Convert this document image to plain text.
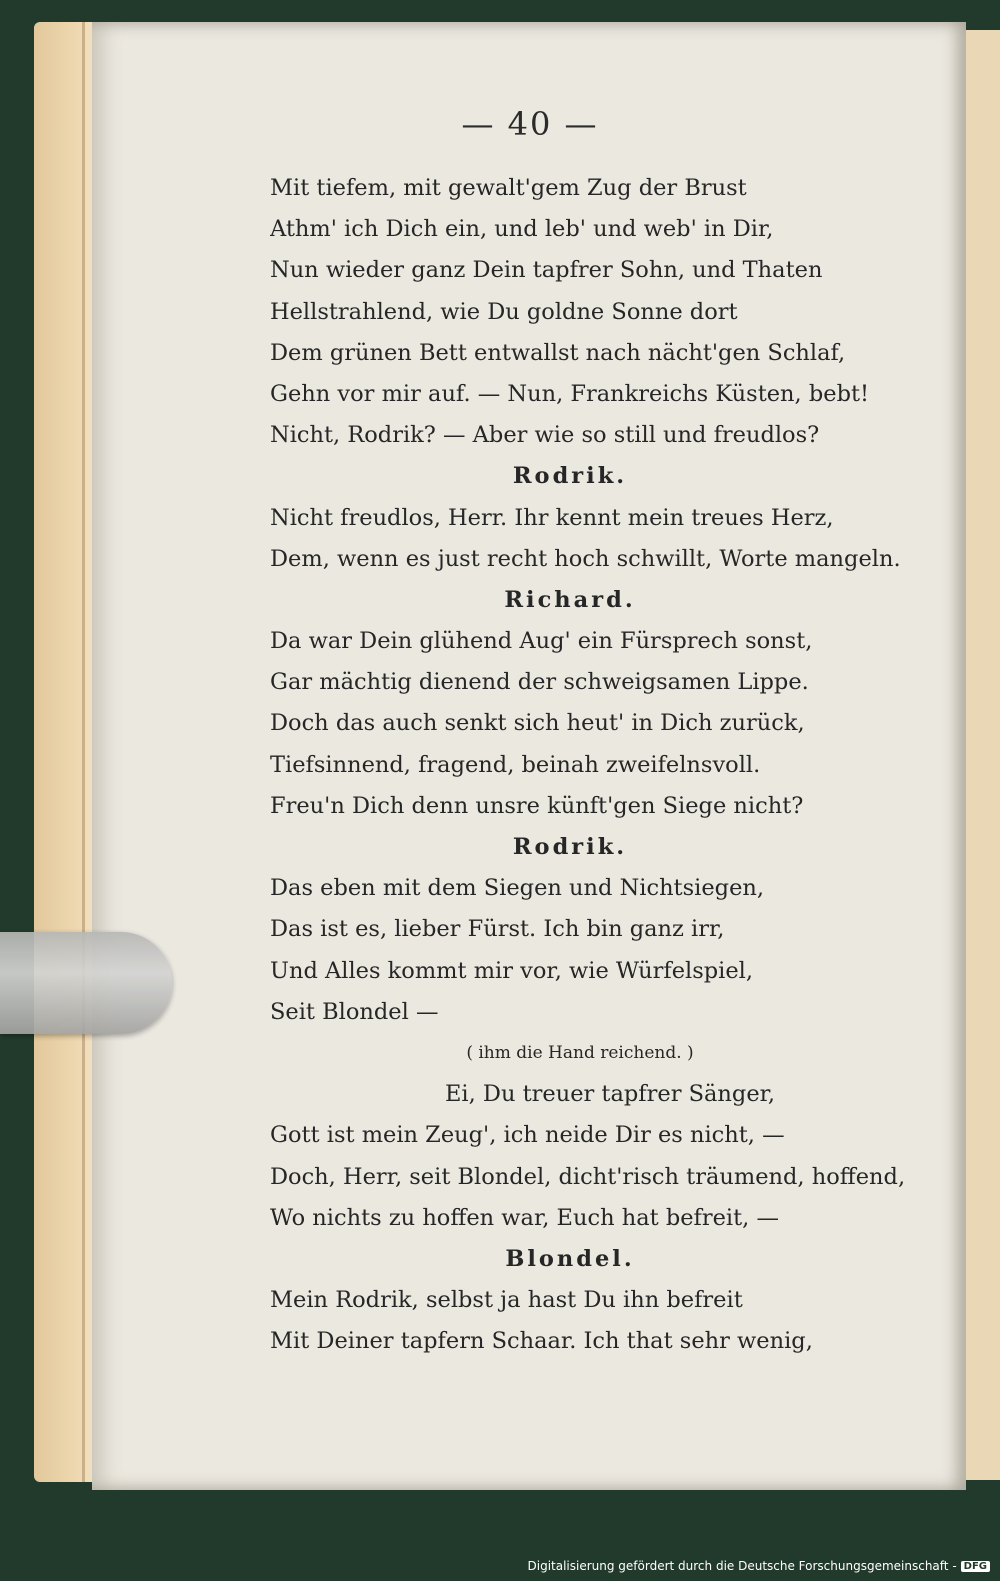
— 40 —
Mit tiefem, mit gewalt'gem Zug der Brust
Athm' ich Dich ein, und leb' und web' in Dir,
Nun wieder ganz Dein tapfrer Sohn, und Thaten
Hellstrahlend, wie Du goldne Sonne dort
Dem grünen Bett entwallst nach nächt'gen Schlaf,
Gehn vor mir auf. — Nun, Frankreichs Küsten, bebt!
Nicht, Rodrik? — Aber wie so still und freudlos?
Rodrik.
Nicht freudlos, Herr. Ihr kennt mein treues Herz,
Dem, wenn es just recht hoch schwillt, Worte mangeln.
Richard.
Da war Dein glühend Aug' ein Fürsprech sonst,
Gar mächtig dienend der schweigsamen Lippe.
Doch das auch senkt sich heut' in Dich zurück,
Tiefsinnend, fragend, beinah zweifelnsvoll.
Freu'n Dich denn unsre künft'gen Siege nicht?
Rodrik.
Das eben mit dem Siegen und Nichtsiegen,
Das ist es, lieber Fürst. Ich bin ganz irr,
Und Alles kommt mir vor, wie Würfelspiel,
Seit Blondel —
( ihm die Hand reichend. )
Ei, Du treuer tapfrer Sänger,
Gott ist mein Zeug', ich neide Dir es nicht, —
Doch, Herr, seit Blondel, dicht'risch träumend, hoffend,
Wo nichts zu hoffen war, Euch hat befreit, —
Blondel.
Mein Rodrik, selbst ja hast Du ihn befreit
Mit Deiner tapfern Schaar. Ich that sehr wenig,
Digitalisierung gefördert durch die Deutsche Forschungsgemeinschaft - DFG
